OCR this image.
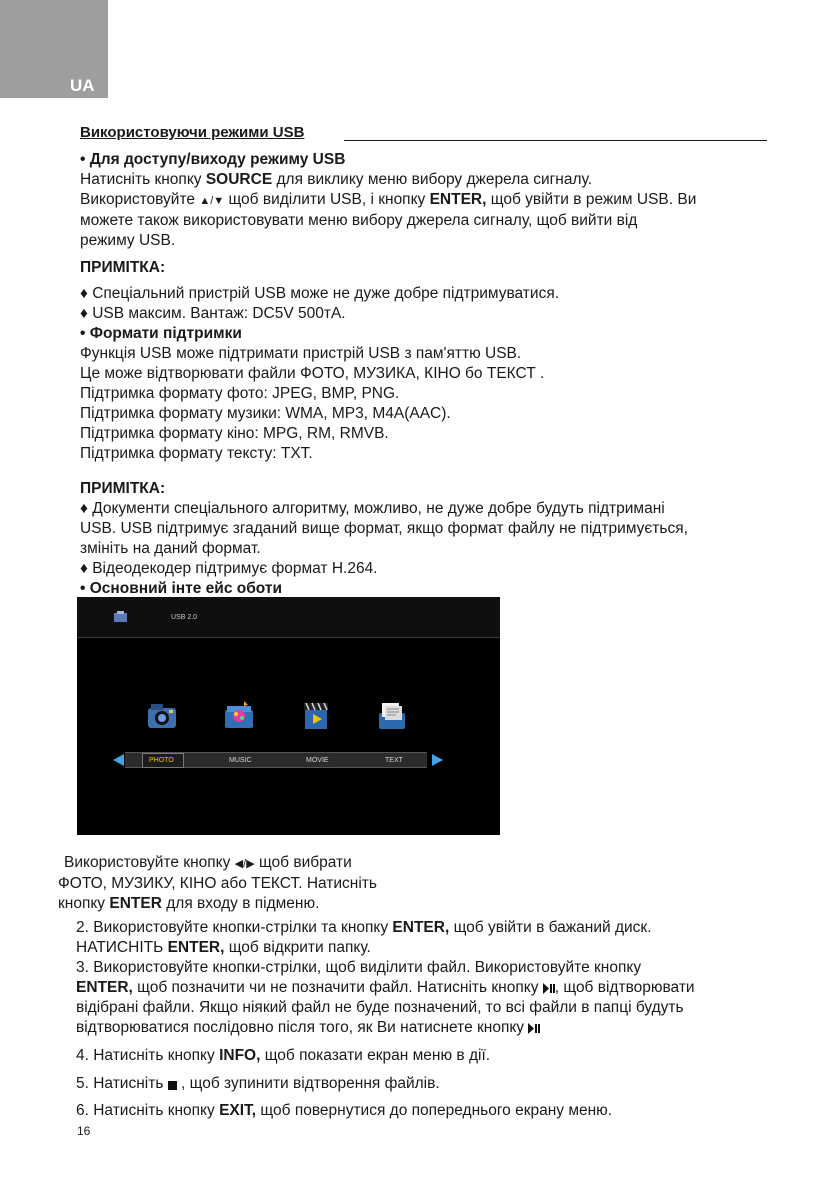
UA
Використовуючи режими USB
• Для доступу/виходу режиму USB
Натисніть кнопку SOURCE для виклику меню вибору джерела сигналу.
Використовуйте ▲/▼ щоб виділити USB, і кнопку ENTER, щоб увійти в режим USB. Ви
можете також використовувати меню вибору джерела сигналу, щоб вийти від
режиму USB.
ПРИМІТКА:
♦ Спеціальний пристрій USB може не дуже добре підтримуватися.
♦ USB максим. Вантаж: DC5V 500тА.
• Формати підтримки
Функція USB може підтримати пристрій USB з пам'яттю USB.
Це може відтворювати файли ФОТО, МУЗИКА, КІНО бо ТЕКСТ .
Підтримка формату фото: JPEG, BMP, PNG.
Підтримка формату музики: WMA, MP3, M4A(AAC).
Підтримка формату кіно: MPG, RM, RMVB.
Підтримка формату тексту: TXT.
ПРИМІТКА:
♦ Документи спеціального алгоритму, можливо, не дуже добре будуть підтримані
USB. USB підтримує згаданий вище формат, якщо формат файлу не підтримується,
змініть на даний формат.
♦ Відеодекодер підтримує формат H.264.
• Основний інте ейс оботи
USB 2.0
PHOTO	MUSIC	MOVIE	TEXT
Використовуйте кнопку ◀/▶ щоб вибрати
ФОТО, МУЗИКУ, КІНО або ТЕКСТ. Натисніть
кнопку ENTER для входу в підменю.
2. Використовуйте кнопки-стрілки та кнопку ENTER, щоб увійти в бажаний диск.
НАТИСНІТЬ ENTER, щоб відкрити папку.
3. Використовуйте кнопки-стрілки, щоб виділити файл. Використовуйте кнопку
ENTER, щоб позначити чи не позначити файл. Натисніть кнопку , щоб відтворювати
відібрані файли. Якщо ніякий файл не буде позначений, то всі файли в папці будуть
відтворюватися послідовно після того, як Ви натиснете кнопку
4. Натисніть кнопку INFO, щоб показати екран меню в дії.
5. Натисніть  , щоб зупинити відтворення файлів.
6. Натисніть кнопку EXIT, щоб повернутися до попереднього екрану меню.
16
